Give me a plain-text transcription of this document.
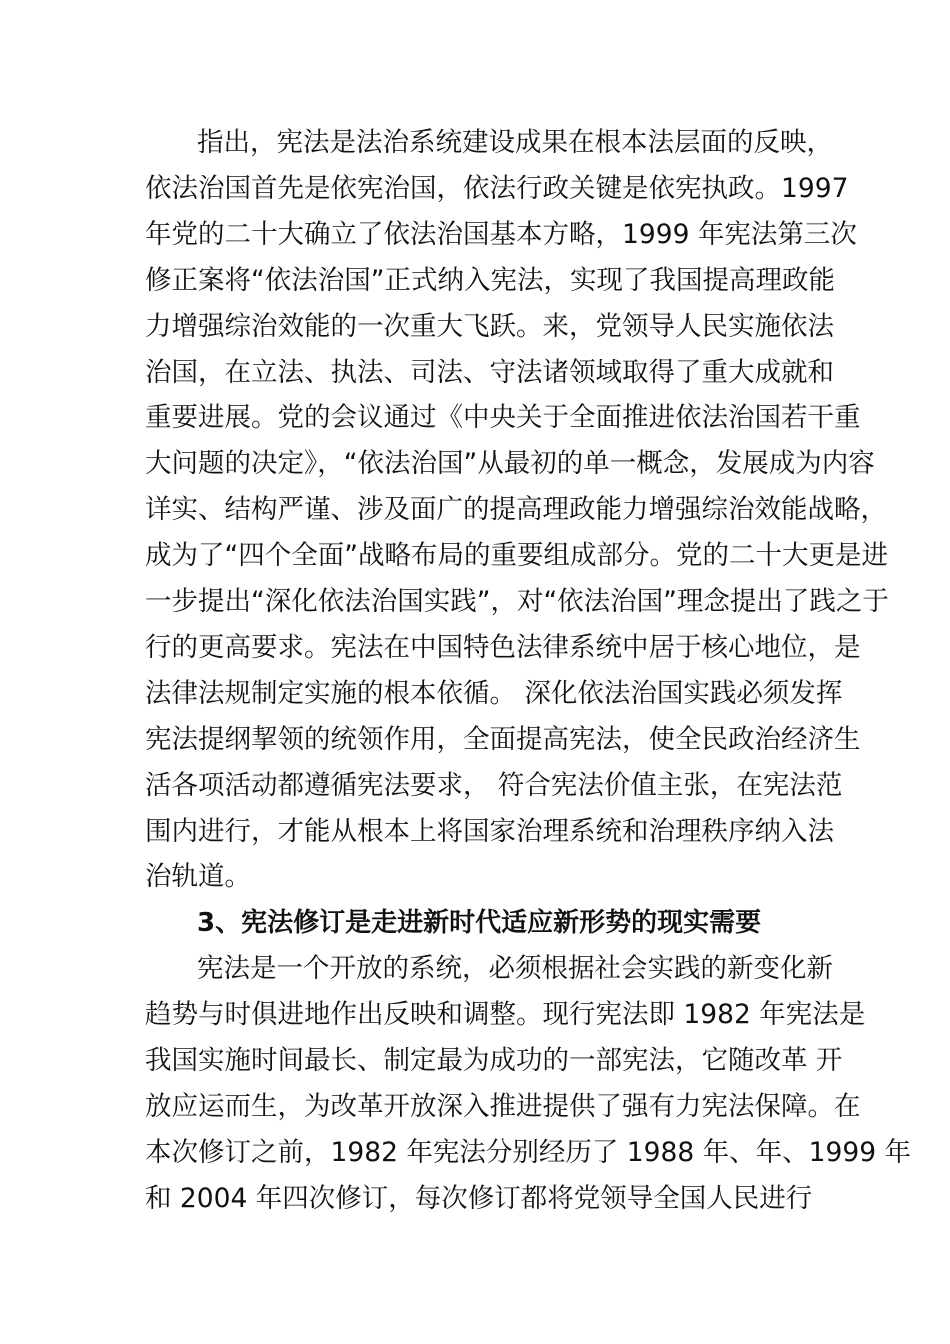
指出，宪法是法治系统建设成果在根本法层面的反映，
依法治国首先是依宪治国，依法行政关键是依宪执政。1997
年党的二十大确立了依法治国基本方略，1999 年宪法第三次
修正案将“依法治国”正式纳入宪法，实现了我国提高理政能
力增强综治效能的一次重大飞跃。来，党领导人民实施依法
治国，在立法、执法、司法、守法诸领域取得了重大成就和
重要进展。党的会议通过《中央关于全面推进依法治国若干重
大问题的决定》，“依法治国”从最初的单一概念，发展成为内容
详实、结构严谨、涉及面广的提高理政能力增强综治效能战略，
成为了“四个全面”战略布局的重要组成部分。党的二十大更是进
一步提出“深化依法治国实践”，对“依法治国”理念提出了践之于
行的更高要求。宪法在中国特色法律系统中居于核心地位，是
法律法规制定实施的根本依循。 深化依法治国实践必须发挥
宪法提纲挈领的统领作用，全面提高宪法，使全民政治经济生
活各项活动都遵循宪法要求， 符合宪法价值主张，在宪法范
围内进行，才能从根本上将国家治理系统和治理秩序纳入法
治轨道。
3、宪法修订是走进新时代适应新形势的现实需要
宪法是一个开放的系统，必须根据社会实践的新变化新
趋势与时俱进地作出反映和调整。现行宪法即 1982 年宪法是
我国实施时间最长、制定最为成功的一部宪法，它随改革 开
放应运而生，为改革开放深入推进提供了强有力宪法保障。在
本次修订之前，1982 年宪法分别经历了 1988 年、年、1999 年
和 2004 年四次修订，每次修订都将党领导全国人民进行
